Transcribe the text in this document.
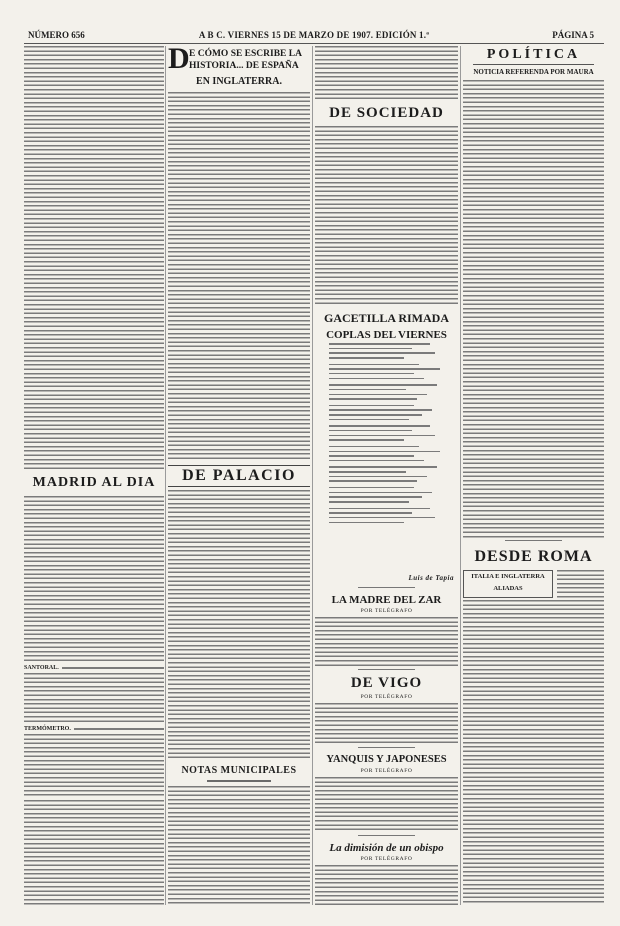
NÚMERO 656	A B C. VIERNES 15 DE MARZO DE 1907. EDICIÓN 1.ª	PÁGINA 5
MADRID AL DIA
SANTORAL.
TERMÓMETRO.
D E CÓMO SE ESCRIBE LA
HISTORIA... DE ESPAÑA
EN INGLATERRA.
DE PALACIO
NOTAS MUNICIPALES
DE SOCIEDAD
GACETILLA RIMADA
COPLAS DEL VIERNES
Luis de Tapia
LA MADRE DEL ZAR
POR TELÉGRAFO
DE VIGO
POR TELÉGRAFO
YANQUIS Y JAPONESES
POR TELÉGRAFO
La dimisión de un obispo
POR TELÉGRAFO
POLÍTICA
NOTICIA REFERENDA POR MAURA
DESDE ROMA
ITALIA E INGLATERRA
ALIADAS
